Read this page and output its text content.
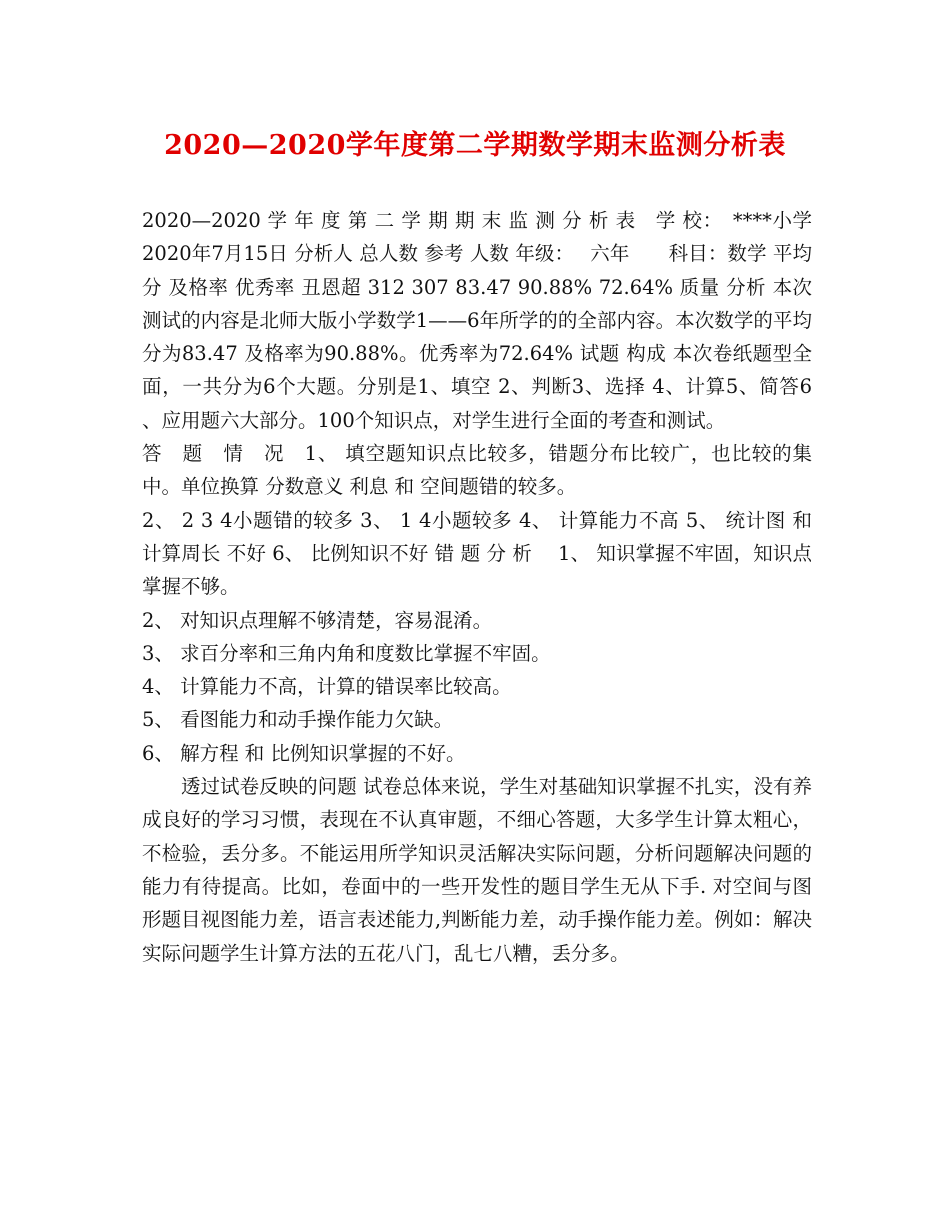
2020—2020学年度第二学期数学期末监测分析表

2020—2020 学 年 度 第 二 学 期 期 末 监 测 分 析 表　学 校：　****小学 2020年7月15日 分析人 总人数 参考 人数 年级：　 六年　　科目：数学 平均分 及格率 优秀率 丑恩超 312 307 83.47 90.88% 72.64% 质量 分析 本次测试的内容是北师大版小学数学1——6年所学的的全部内容。本次数学的平均分为83.47 及格率为90.88%。优秀率为72.64% 试题 构成 本次卷纸题型全面，一共分为6个大题。分别是1、填空 2、判断3、选择 4、计算5、简答6 、应用题六大部分。100个知识点，对学生进行全面的考查和测试。

答　题　情　况　1、 填空题知识点比较多，错题分布比较广，也比较的集中。单位换算 分数意义 利息 和 空间题错的较多。

2、 2 3 4小题错的较多 3、 1 4小题较多 4、 计算能力不高 5、 统计图 和 计算周长 不好 6、 比例知识不好 错 题 分 析　 1、 知识掌握不牢固，知识点掌握不够。

2、 对知识点理解不够清楚，容易混淆。

3、 求百分率和三角内角和度数比掌握不牢固。

4、 计算能力不高，计算的错误率比较高。

5、 看图能力和动手操作能力欠缺。

6、 解方程 和 比例知识掌握的不好。

透过试卷反映的问题 试卷总体来说，学生对基础知识掌握不扎实，没有养成良好的学习习惯，表现在不认真审题，不细心答题，大多学生计算太粗心，不检验，丢分多。不能运用所学知识灵活解决实际问题，分析问题解决问题的能力有待提高。比如，卷面中的一些开发性的题目学生无从下手. 对空间与图形题目视图能力差，语言表述能力,判断能力差，动手操作能力差。例如：解决实际问题学生计算方法的五花八门，乱七八糟，丢分多。
